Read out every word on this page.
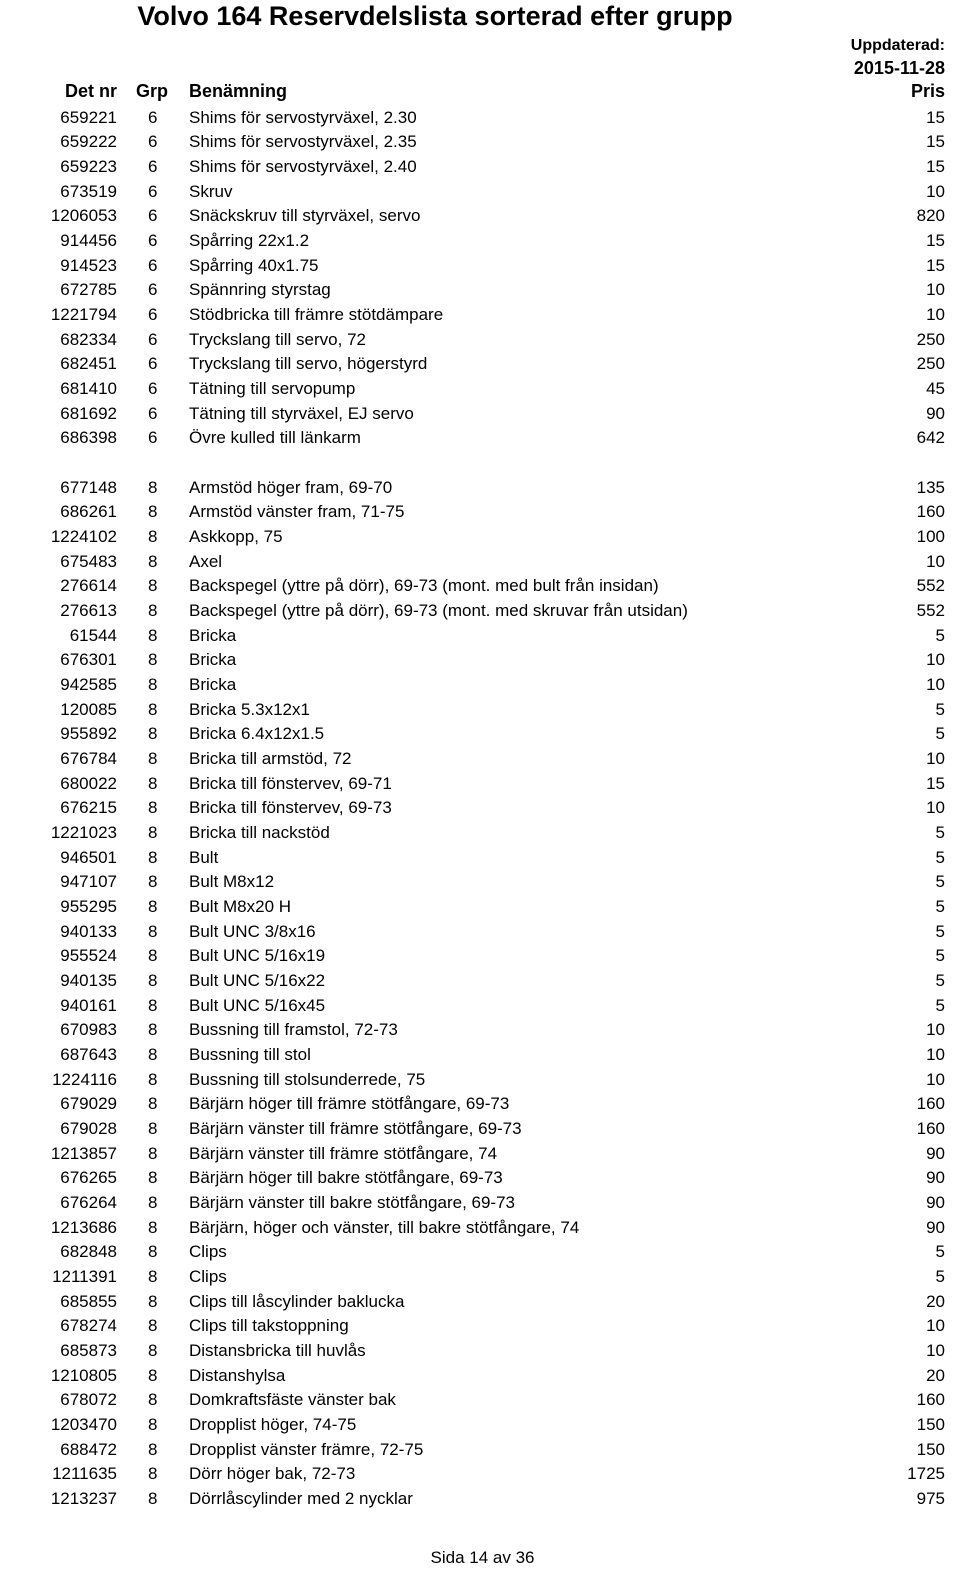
Volvo 164 Reservdelslista sorterad efter grupp
Uppdaterad:
2015-11-28
Det nr Grp Benämning	Pris
659221 6 Shims för servostyrväxel, 2.30	15
659222 6 Shims för servostyrväxel, 2.35	15
659223 6 Shims för servostyrväxel, 2.40	15
673519 6 Skruv	10
1206053 6 Snäckskruv till styrväxel, servo	820
914456 6 Spårring 22x1.2	15
914523 6 Spårring 40x1.75	15
672785 6 Spännring styrstag	10
1221794 6 Stödbricka till främre stötdämpare	10
682334 6 Tryckslang till servo, 72	250
682451 6 Tryckslang till servo, högerstyrd	250
681410 6 Tätning till servopump	45
681692 6 Tätning till styrväxel, EJ servo	90
686398 6 Övre kulled till länkarm	642
677148 8 Armstöd höger fram, 69-70	135
686261 8 Armstöd vänster fram, 71-75	160
1224102 8 Askkopp, 75	100
675483 8 Axel	10
276614 8 Backspegel (yttre på dörr), 69-73 (mont. med bult från insidan)	552
276613 8 Backspegel (yttre på dörr), 69-73 (mont. med skruvar från utsidan)	552
61544 8 Bricka	5
676301 8 Bricka	10
942585 8 Bricka	10
120085 8 Bricka 5.3x12x1	5
955892 8 Bricka 6.4x12x1.5	5
676784 8 Bricka till armstöd, 72	10
680022 8 Bricka till fönstervev, 69-71	15
676215 8 Bricka till fönstervev, 69-73	10
1221023 8 Bricka till nackstöd	5
946501 8 Bult	5
947107 8 Bult M8x12	5
955295 8 Bult M8x20 H	5
940133 8 Bult UNC 3/8x16	5
955524 8 Bult UNC 5/16x19	5
940135 8 Bult UNC 5/16x22	5
940161 8 Bult UNC 5/16x45	5
670983 8 Bussning till framstol, 72-73	10
687643 8 Bussning till stol	10
1224116 8 Bussning till stolsunderrede, 75	10
679029 8 Bärjärn höger till främre stötfångare, 69-73	160
679028 8 Bärjärn vänster till främre stötfångare, 69-73	160
1213857 8 Bärjärn vänster till främre stötfångare, 74	90
676265 8 Bärjärn höger till bakre stötfångare, 69-73	90
676264 8 Bärjärn vänster till bakre stötfångare, 69-73	90
1213686 8 Bärjärn, höger och vänster, till bakre stötfångare, 74	90
682848 8 Clips	5
1211391 8 Clips	5
685855 8 Clips till låscylinder baklucka	20
678274 8 Clips till takstoppning	10
685873 8 Distansbricka till huvlås	10
1210805 8 Distanshylsa	20
678072 8 Domkraftsfäste vänster bak	160
1203470 8 Dropplist höger, 74-75	150
688472 8 Dropplist vänster främre, 72-75	150
1211635 8 Dörr höger bak, 72-73	1725
1213237 8 Dörrlåscylinder med 2 nycklar	975
Sida 14 av 36
